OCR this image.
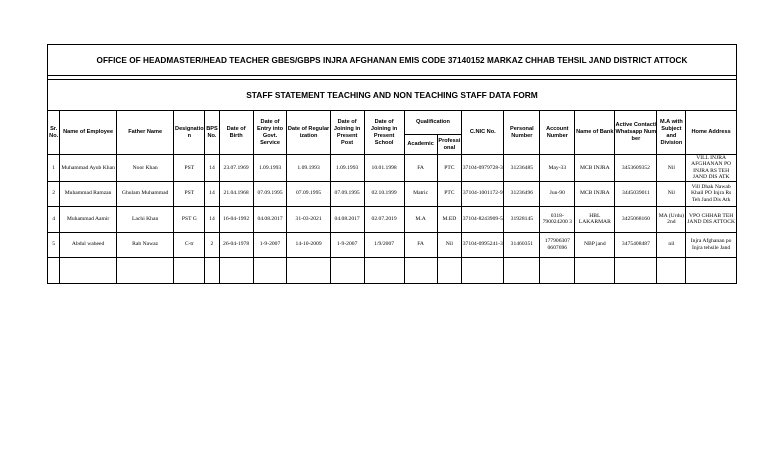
OFFICE OF HEADMASTER/HEAD TEACHER GBES/GBPS INJRA AFGHANAN EMIS CODE 37140152 MARKAZ CHHAB TEHSIL JAND DISTRICT ATTOCK																		

STAFF STATEMENT TEACHING AND NON TEACHING STAFF DATA FORM																		
Sr. No.	Name of Employee	Father Name	Designation	BPS No.	Date of Birth	Date of Entry into Govt. Service	Date of Regularization	Date of Joining in Present Post	Date of Joining in Present School	Qualification		C.NIC No.	Personal Number	Account Number	Name of Bank	Active Contact/Whatsapp Number	M.A with Subject and Division	Home Address
										Academic	Professional							
1	Muhammad Ayub Khan	Noor Khan	PST	14	23.07.1969	1.09.1993	1.09.1993	1.09.1993	10.01.1998	FA	PTC	37104-0979728-3	31236485	May-33	MCB INJRA	3453609352	Nil	VILL INJRA AFGHANAN PO INJRA RS TEH JAND DIS ATK
2	Muhammad Ramzan	Ghulam Muhammad	PST	14	21.04.1968	07.09.1995	07.09.1995	07.09.1995	02.10.1999	Matric	PTC	37104-1001172-9	31236496	Jun-90	MCB INJRA	3445039011	Nil	Vill Dhak Nawab Khail PO Injra Rs Teh Jand Dis Atk
4	Muhammad Aamir	Lachi Khan	PST G	14	16-04-1992	04.08.2017	31-03-2021	04.08.2017	02.07.2019	M.A	M.ED	37104-8243909-5	31928145	0318-790024200 3	HBL LAKARMAR	3425068160	MA (Urdu) 2nd	VPO CHHAB TEH JAND DIS ATTOCK
5	Abdul waheed	Rab Nawaz	C-tr	2	26-04-1978	1-9-2007	14-10-2009	1-9-2007	1/9/2007	FA	Nil	37104-0995241-3	31460351	177906307 0607696	NBP jand	3475408487	nil	Injra Afghanan po Injra tehsile Jand
